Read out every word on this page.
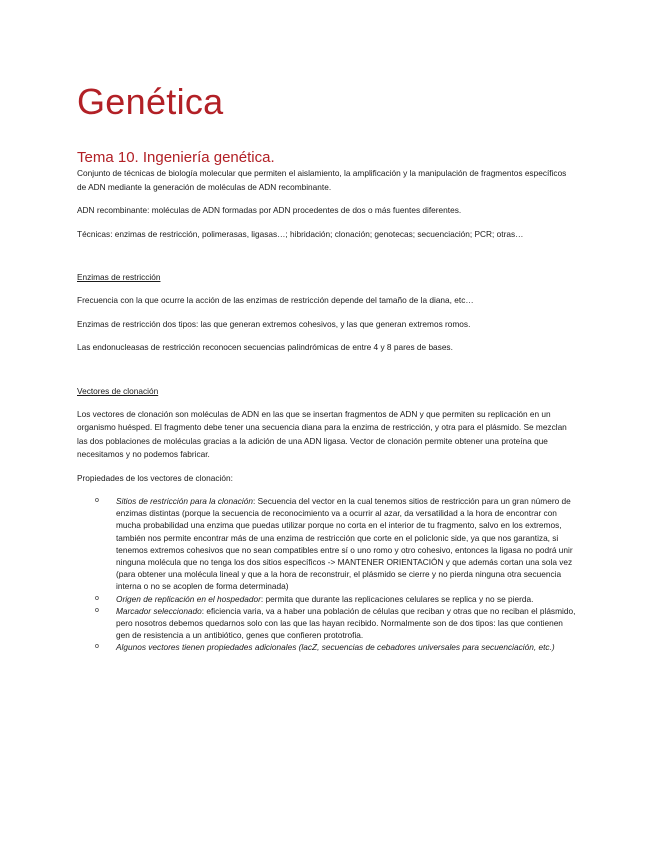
Genética
Tema 10. Ingeniería genética.

Conjunto de técnicas de biología molecular que permiten el aislamiento, la amplificación y la manipulación de fragmentos específicos de ADN mediante la generación de moléculas de ADN recombinante.

ADN recombinante: moléculas de ADN formadas por ADN procedentes de dos o más fuentes diferentes.

Técnicas: enzimas de restricción, polimerasas, ligasas…; hibridación; clonación; genotecas; secuenciación; PCR; otras…

Enzimas de restricción

Frecuencia con la que ocurre la acción de las enzimas de restricción depende del tamaño de la diana, etc…

Enzimas de restricción dos tipos: las que generan extremos cohesivos, y las que generan extremos romos.

Las endonucleasas de restricción reconocen secuencias palindrómicas de entre 4 y 8 pares de bases.

Vectores de clonación

Los vectores de clonación son moléculas de ADN en las que se insertan fragmentos de ADN y que permiten su replicación en un organismo huésped. El fragmento debe tener una secuencia diana para la enzima de restricción, y otra para el plásmido. Se mezclan las dos poblaciones de moléculas gracias a la adición de una ADN ligasa. Vector de clonación permite obtener una proteína que necesitamos y no podemos fabricar.

Propiedades de los vectores de clonación:

o Sitios de restricción para la clonación: Secuencia del vector en la cual tenemos sitios de restricción para un gran número de enzimas distintas (porque la secuencia de reconocimiento va a ocurrir al azar, da versatilidad a la hora de encontrar con mucha probabilidad una enzima que puedas utilizar porque no corta en el interior de tu fragmento, salvo en los extremos, también nos permite encontrar más de una enzima de restricción que corte en el policlonic side, ya que nos garantiza, si tenemos extremos cohesivos que no sean compatibles entre sí o uno romo y otro cohesivo, entonces la ligasa no podrá unir ninguna molécula que no tenga los dos sitios específicos -> MANTENER ORIENTACIÓN y que además cortan una sola vez (para obtener una molécula lineal y que a la hora de reconstruir, el plásmido se cierre y no pierda ninguna otra secuencia interna o no se acoplen de forma determinada)
o Origen de replicación en el hospedador: permita que durante las replicaciones celulares se replica y no se pierda.
o Marcador seleccionado: eficiencia varia, va a haber una población de células que reciban y otras que no reciban el plásmido, pero nosotros debemos quedarnos solo con las que las hayan recibido. Normalmente son de dos tipos: las que contienen gen de resistencia a un antibiótico, genes que confieren prototrofia.
o Algunos vectores tienen propiedades adicionales (lacZ, secuencias de cebadores universales para secuenciación, etc.)
